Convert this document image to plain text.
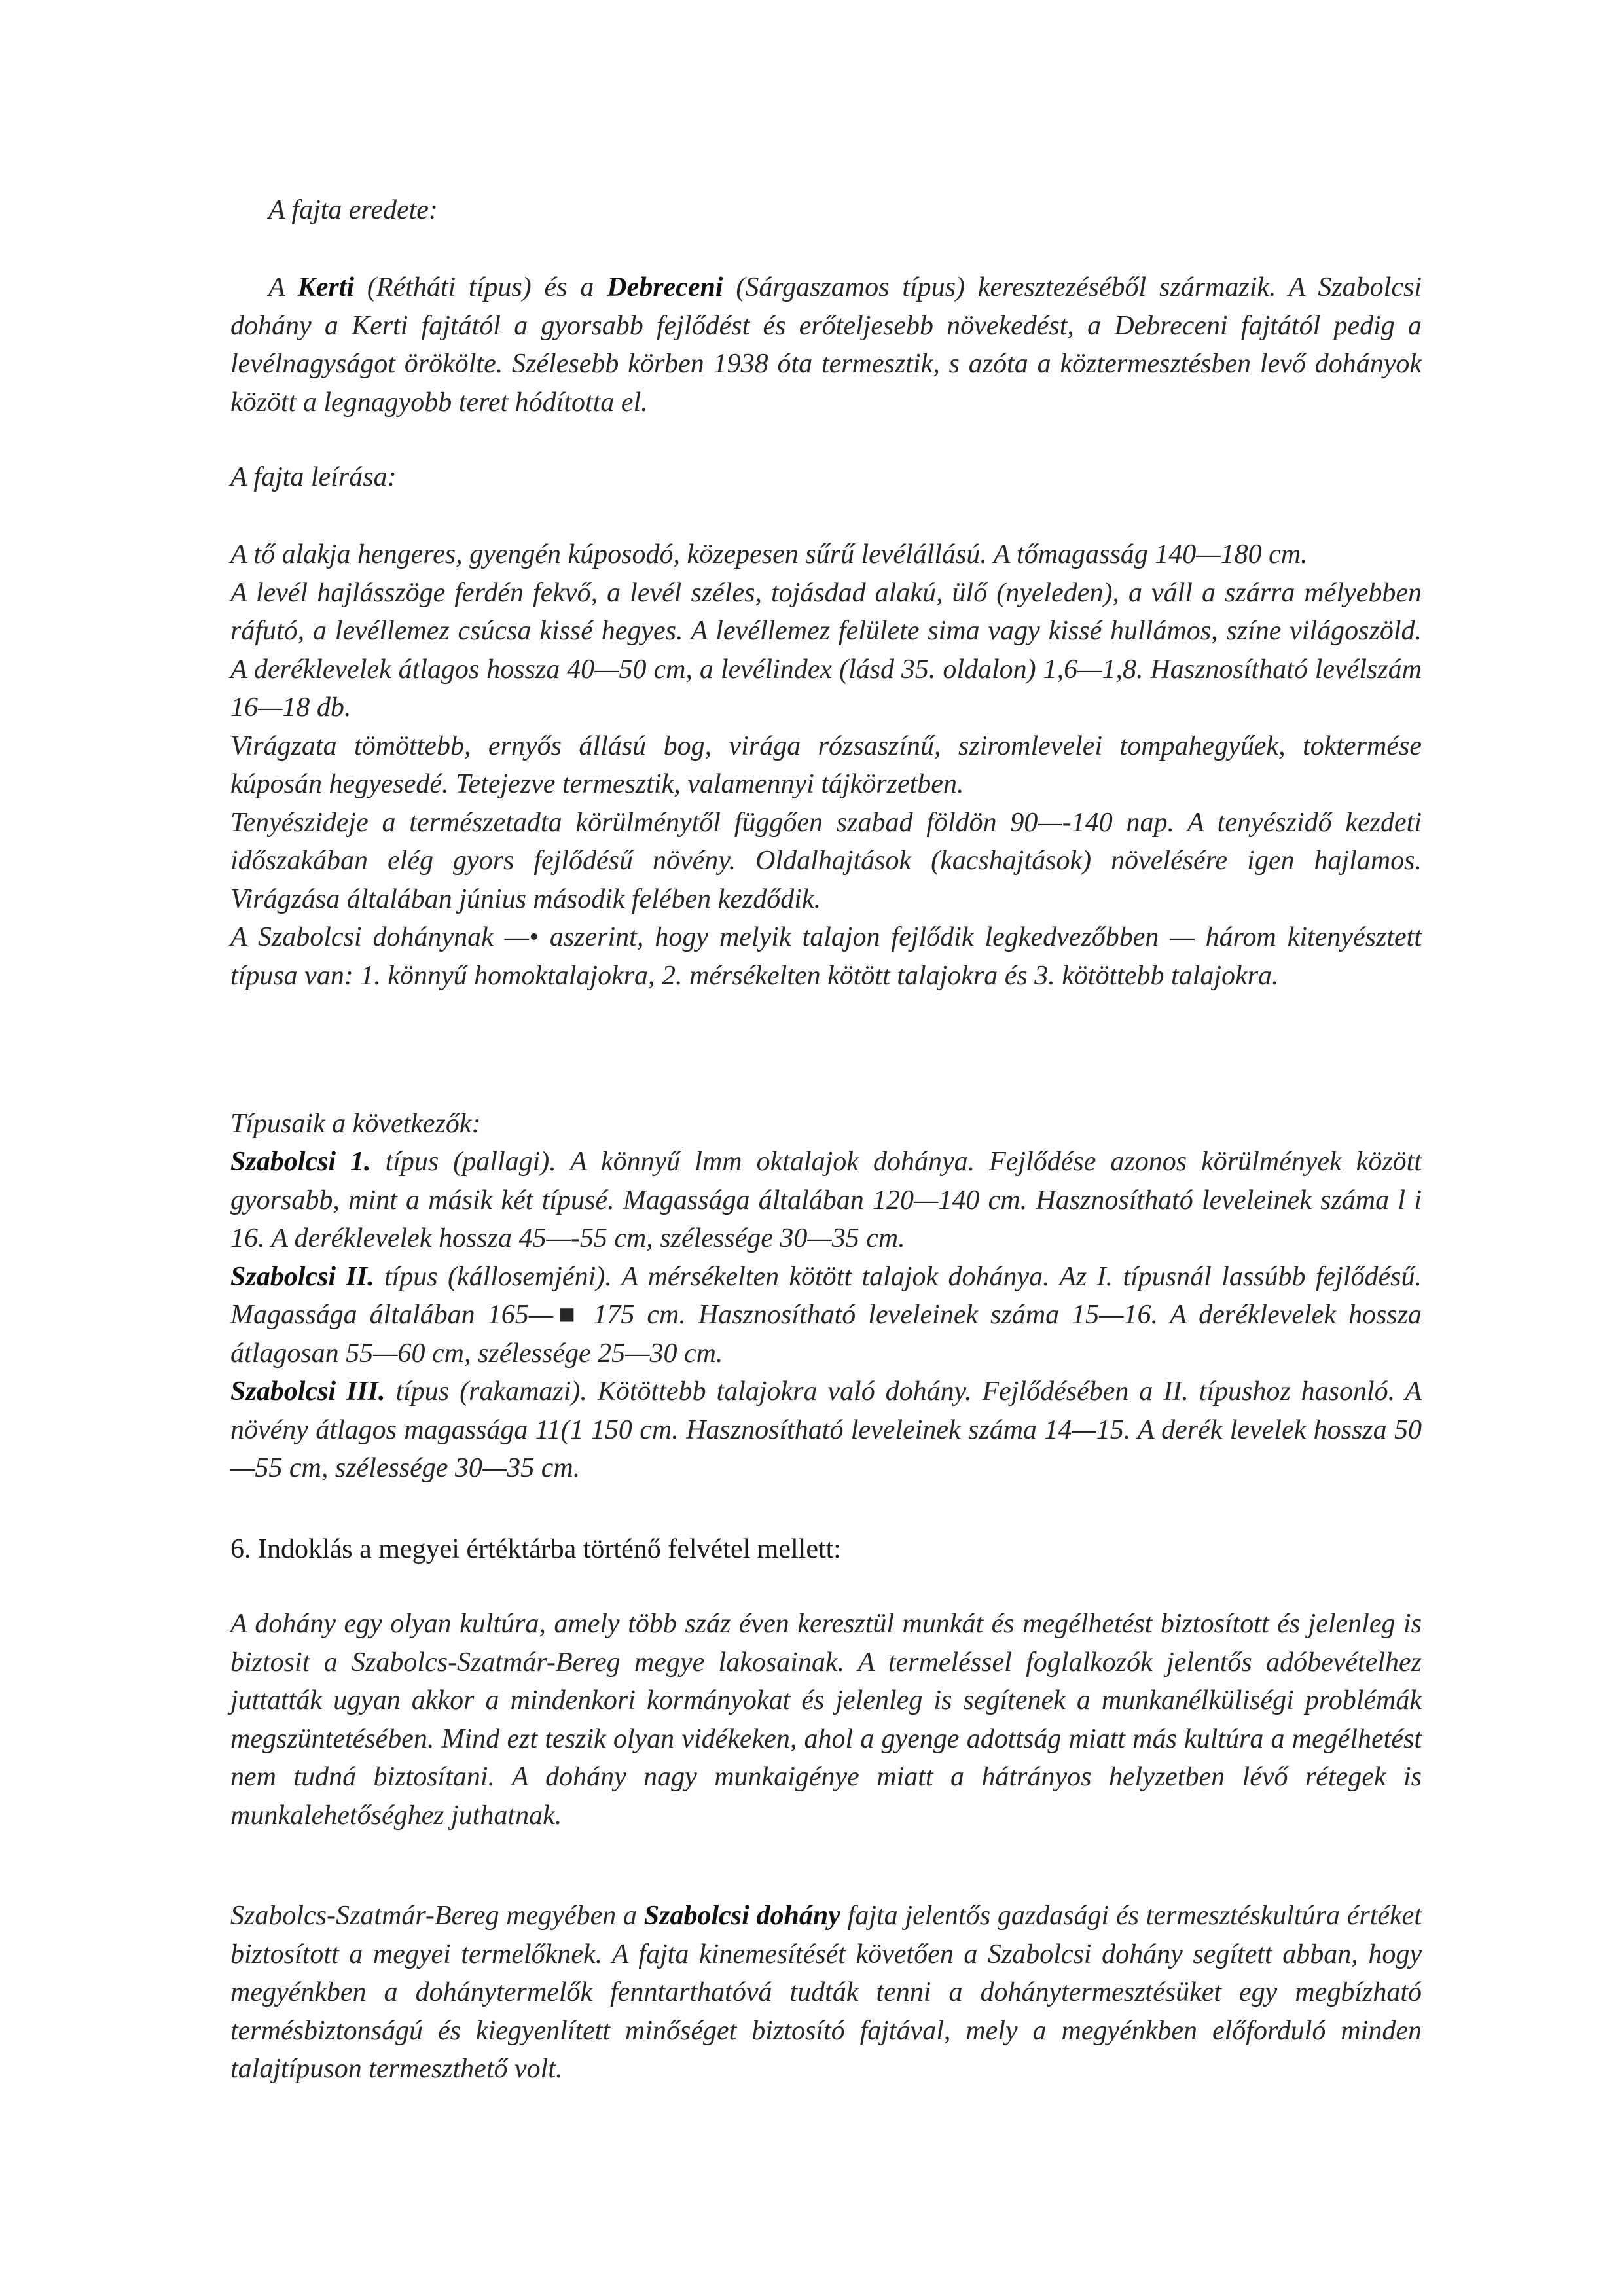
A fajta eredete:
A Kerti (Rétháti típus) és a Debreceni (Sárgaszamos típus) keresztezéséből származik. A Szabolcsi dohány a Kerti fajtától a gyorsabb fejlődést és erőteljesebb növekedést, a Debreceni fajtától pedig a levélnagyságot örökölte. Szélesebb körben 1938 óta termesztik, s azóta a köztermesztésben levő dohányok között a legnagyobb teret hódította el.
A fajta leírása:
A tő alakja hengeres, gyengén kúposodó, közepesen sűrű levélállású. A tőmagasság 140—180 cm.
A levél hajlásszöge ferdén fekvő, a levél széles, tojásdad alakú, ülő (nyeleden), a váll a szárra mélyebben ráfutó, a levéllemez csúcsa kissé hegyes. A levéllemez felülete sima vagy kissé hullámos, színe világoszöld. A deréklevelek átlagos hossza 40—50 cm, a levélindex (lásd 35. oldalon) 1,6—1,8. Hasznosítható levélszám 16—18 db.
Virágzata tömöttebb, ernyős állású bog, virága rózsaszínű, sziromlevelei tompahegyűek, toktermése kúposán hegyesedé. Tetejezve termesztik, valamennyi tájkörzetben.
Tenyészideje a természetadta körülménytől függően szabad földön 90—-140 nap. A tenyészidő kezdeti időszakában elég gyors fejlődésű növény. Oldalhajtások (kacshajtások) növelésére igen hajlamos. Virágzása általában június második felében kezdődik.
A Szabolcsi dohánynak —• aszerint, hogy melyik talajon fejlődik legkedvezőbben — három kitenyésztett típusa van: 1. könnyű homoktalajokra, 2. mérsékelten kötött talajokra és 3. kötöttebb talajokra.
Típusaik a következők:
Szabolcsi 1. típus (pallagi). A könnyű lmm oktalajok dohánya. Fejlődése azonos körülmények között gyorsabb, mint a másik két típusé. Magassága általában 120—140 cm. Hasznosítható leveleinek száma l i 16. A deréklevelek hossza 45—-55 cm, szélessége 30—35 cm.
Szabolcsi II. típus (kállosemjéni). A mérsékelten kötött talajok dohánya. Az I. típusnál lassúbb fejlődésű. Magassága általában 165—■ 175 cm. Hasznosítható leveleinek száma 15—16. A deréklevelek hossza átlagosan 55—60 cm, szélessége 25—30 cm.
Szabolcsi III. típus (rakamazi). Kötöttebb talajokra való dohány. Fejlődésében a II. típushoz hasonló. A növény átlagos magassága 11(1 150 cm. Hasznosítható leveleinek száma 14—15. A derék levelek hossza 50—55 cm, szélessége 30—35 cm.
6. Indoklás a megyei értéktárba történő felvétel mellett:
A dohány egy olyan kultúra, amely több száz éven keresztül munkát és megélhetést biztosított és jelenleg is biztosit a Szabolcs-Szatmár-Bereg megye lakosainak. A termeléssel foglalkozók jelentős adóbevételhez juttatták ugyan akkor a mindenkori kormányokat és jelenleg is segítenek a munkanélküliségi problémák megszüntetésében. Mind ezt teszik olyan vidékeken, ahol a gyenge adottság miatt más kultúra a megélhetést nem tudná biztosítani. A dohány nagy munkaigénye miatt a hátrányos helyzetben lévő rétegek is munkalehetőséghez juthatnak.
Szabolcs-Szatmár-Bereg megyében a Szabolcsi dohány fajta jelentős gazdasági és termesztéskultúra értéket biztosított a megyei termelőknek. A fajta kinemesítését követően a Szabolcsi dohány segített abban, hogy megyénkben a dohánytermelők fenntarthatóvá tudták tenni a dohánytermesztésüket egy megbízható termésbiztonságú és kiegyenlített minőséget biztosító fajtával, mely a megyénkben előforduló minden talajtípuson termeszthető volt.
